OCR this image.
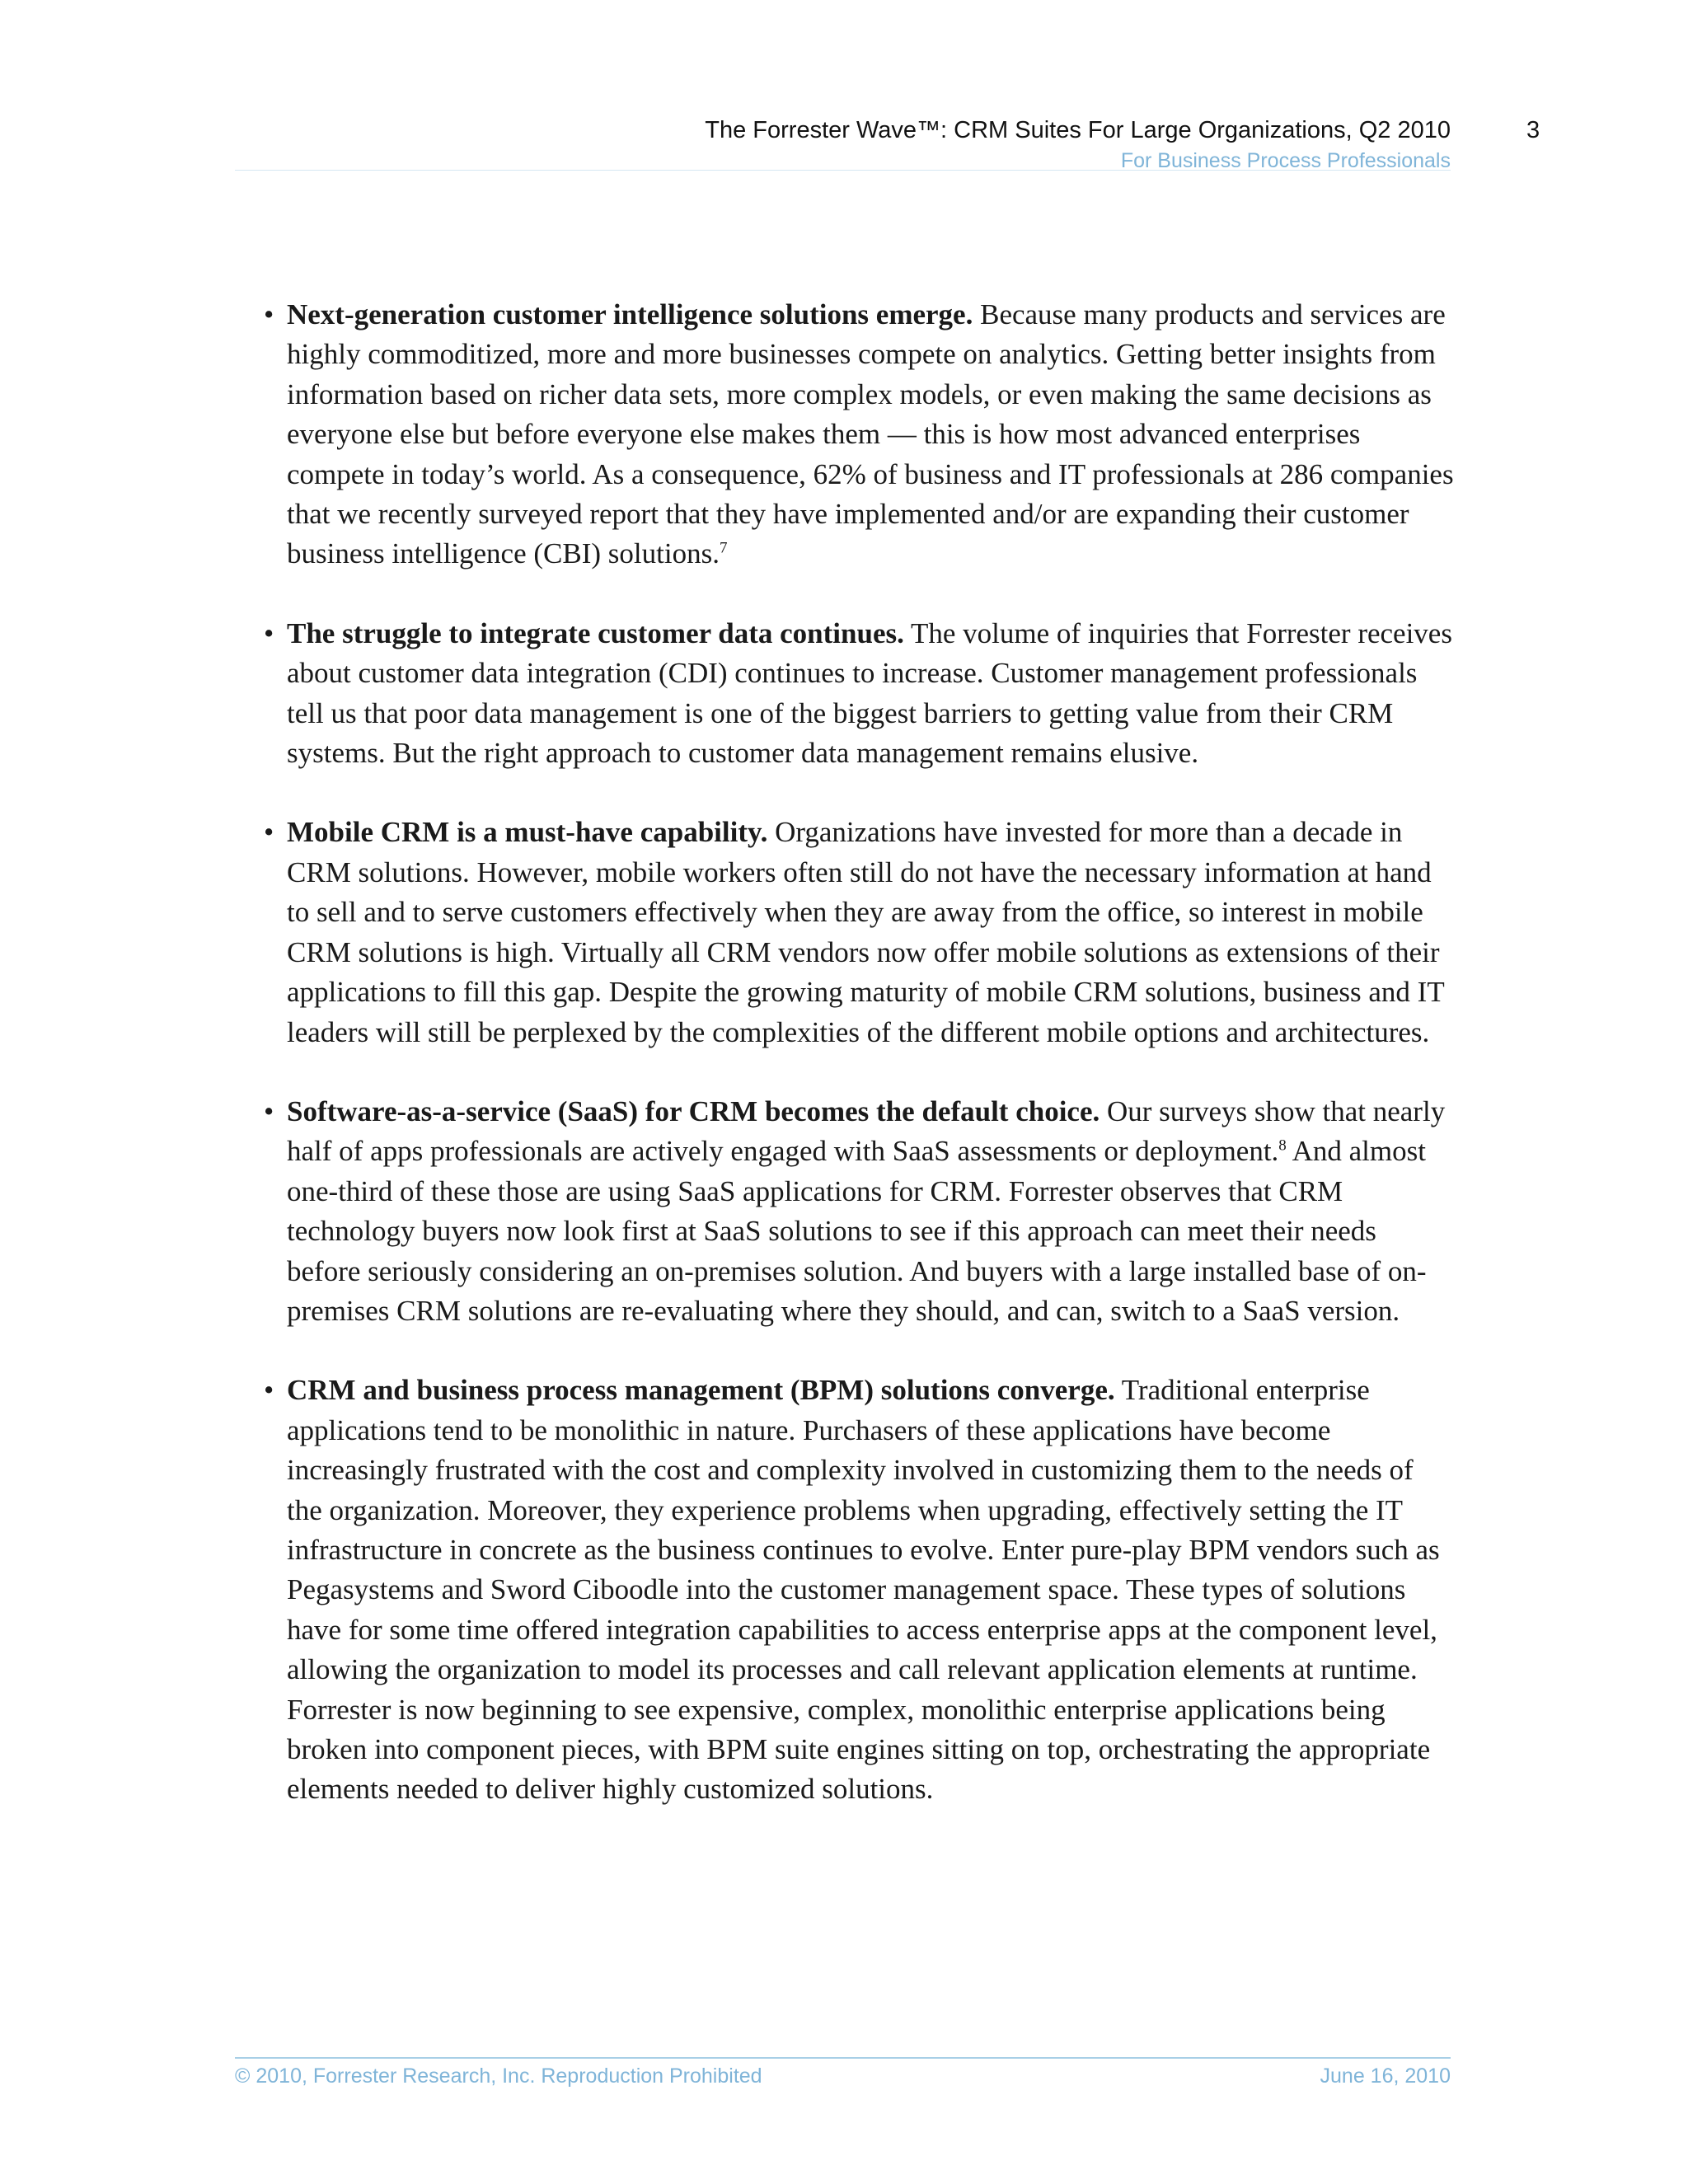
The Forrester Wave™: CRM Suites For Large Organizations, Q2 2010
For Business Process Professionals
3

• Next-generation customer intelligence solutions emerge. Because many products and services are highly commoditized, more and more businesses compete on analytics. Getting better insights from information based on richer data sets, more complex models, or even making the same decisions as everyone else but before everyone else makes them — this is how most advanced enterprises compete in today’s world. As a consequence, 62% of business and IT professionals at 286 companies that we recently surveyed report that they have implemented and/or are expanding their customer business intelligence (CBI) solutions.$^7$

• The struggle to integrate customer data continues. The volume of inquiries that Forrester receives about customer data integration (CDI) continues to increase. Customer management professionals tell us that poor data management is one of the biggest barriers to getting value from their CRM systems. But the right approach to customer data management remains elusive.

• Mobile CRM is a must-have capability. Organizations have invested for more than a decade in CRM solutions. However, mobile workers often still do not have the necessary information at hand to sell and to serve customers effectively when they are away from the office, so interest in mobile CRM solutions is high. Virtually all CRM vendors now offer mobile solutions as extensions of their applications to fill this gap. Despite the growing maturity of mobile CRM solutions, business and IT leaders will still be perplexed by the complexities of the different mobile options and architectures.

• Software-as-a-service (SaaS) for CRM becomes the default choice. Our surveys show that nearly half of apps professionals are actively engaged with SaaS assessments or deployment.$^8$ And almost one-third of these those are using SaaS applications for CRM. Forrester observes that CRM technology buyers now look first at SaaS solutions to see if this approach can meet their needs before seriously considering an on-premises solution. And buyers with a large installed base of on-premises CRM solutions are re-evaluating where they should, and can, switch to a SaaS version.

• CRM and business process management (BPM) solutions converge. Traditional enterprise applications tend to be monolithic in nature. Purchasers of these applications have become increasingly frustrated with the cost and complexity involved in customizing them to the needs of the organization. Moreover, they experience problems when upgrading, effectively setting the IT infrastructure in concrete as the business continues to evolve. Enter pure-play BPM vendors such as Pegasystems and Sword Ciboodle into the customer management space. These types of solutions have for some time offered integration capabilities to access enterprise apps at the component level, allowing the organization to model its processes and call relevant application elements at runtime. Forrester is now beginning to see expensive, complex, monolithic enterprise applications being broken into component pieces, with BPM suite engines sitting on top, orchestrating the appropriate elements needed to deliver highly customized solutions.

© 2010, Forrester Research, Inc. Reproduction Prohibited	June 16, 2010
